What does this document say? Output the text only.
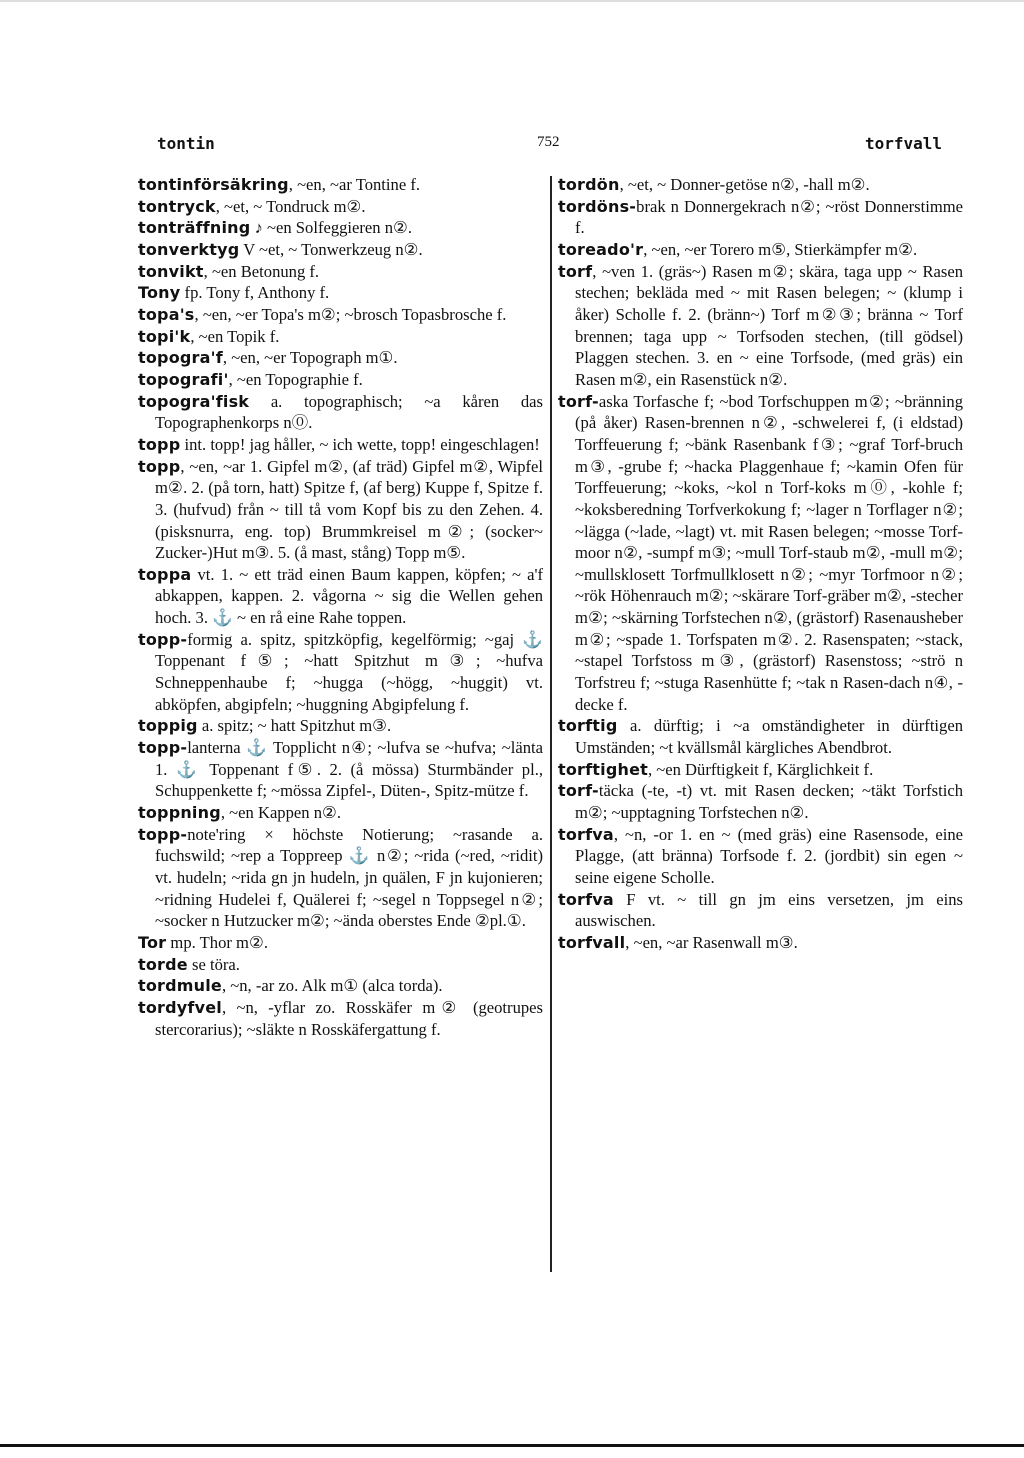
tontin	752	torfvall

tontinförsäkring, ~en, ~ar Tontine f.

tontryck, ~et, ~ Tondruck m②.

tonträffning ♪ ~en Solfeggieren n②.

tonverktyg V ~et, ~ Tonwerkzeug n②.

tonvikt, ~en Betonung f.

Tony fp. Tony f, Anthony f.

topa's, ~en, ~er Topa's m②; ~brosch Topasbrosche f.

topi'k, ~en Topik f.

topogra'f, ~en, ~er Topograph m①.

topografi', ~en Topographie f.

topogra'fisk a. topographisch; ~a kåren das Topographenkorps n⓪.

topp int. topp! jag håller, ~ ich wette, topp! eingeschlagen!

topp, ~en, ~ar 1. Gipfel m②, (af träd) Gipfel m②, Wipfel m②. 2. (på torn, hatt) Spitze f, (af berg) Kuppe f, Spitze f. 3. (hufvud) från ~ till tå vom Kopf bis zu den Zehen. 4. (pisksnurra, eng. top) Brummkreisel m②; (socker~ Zucker-)Hut m③. 5. (å mast, stång) Topp m⑤.

toppa vt. 1. ~ ett träd einen Baum kappen, köpfen; ~ a'f abkappen, kappen. 2. vågorna ~ sig die Wellen gehen hoch. 3. ⚓ ~ en rå eine Rahe toppen.

topp-formig a. spitz, spitzköpfig, kegelförmig; ~gaj ⚓ Toppenant f⑤; ~hatt Spitzhut m③; ~hufva Schneppenhaube f; ~hugga (~högg, ~huggit) vt. abköpfen, abgipfeln; ~huggning Abgipfelung f.

toppig a. spitz; ~ hatt Spitzhut m③.

topp-lanterna ⚓ Topplicht n④; ~lufva se ~hufva; ~länta 1. ⚓ Toppenant f⑤. 2. (å mössa) Sturmbänder pl., Schuppenkette f; ~mössa Zipfel-, Düten-, Spitz-mütze f.

toppning, ~en Kappen n②.

topp-note'ring × höchste Notierung; ~rasande a. fuchswild; ~rep a Toppreep ⚓ n②; ~rida (~red, ~ridit) vt. hudeln; ~rida gn jn hudeln, jn quälen, F jn kujonieren; ~ridning Hudelei f, Quälerei f; ~segel n Toppsegel n②; ~socker n Hutzucker m②; ~ända oberstes Ende ②pl.①.

Tor mp. Thor m②.

torde se töra.

tordmule, ~n, -ar zo. Alk m① (alca torda).

tordyfvel, ~n, -yflar zo. Rosskäfer m② (geotrupes stercorarius); ~släkte n Rosskäfergattung f.

tordön, ~et, ~ Donner-getöse n②, -hall m②.

tordöns-brak n Donnergekrach n②; ~röst Donnerstimme f.

toreado'r, ~en, ~er Torero m⑤, Stierkämpfer m②.

torf, ~ven 1. (gräs~) Rasen m②; skära, taga upp ~ Rasen stechen; bekläda med ~ mit Rasen belegen; ~ (klump i åker) Scholle f. 2. (bränn~) Torf m②③; bränna ~ Torf brennen; taga upp ~ Torfsoden stechen, (till gödsel) Plaggen stechen. 3. en ~ eine Torfsode, (med gräs) ein Rasen m②, ein Rasenstück n②.

torf-aska Torfasche f; ~bod Torfschuppen m②; ~bränning (på åker) Rasen-brennen n②, -schwelerei f, (i eldstad) Torffeuerung f; ~bänk Rasenbank f③; ~graf Torf-bruch m③, -grube f; ~hacka Plaggenhaue f; ~kamin Ofen für Torffeuerung; ~koks, ~kol n Torf-koks m⓪, -kohle f; ~koksberedning Torfverkokung f; ~lager n Torflager n②; ~lägga (~lade, ~lagt) vt. mit Rasen belegen; ~mosse Torf-moor n②, -sumpf m③; ~mull Torf-staub m②, -mull m②; ~mullsklosett Torfmullklosett n②; ~myr Torfmoor n②; ~rök Höhenrauch m②; ~skärare Torf-gräber m②, -stecher m②; ~skärning Torfstechen n②, (grästorf) Rasenausheber m②; ~spade 1. Torfspaten m②. 2. Rasenspaten; ~stack, ~stapel Torfstoss m③, (grästorf) Rasenstoss; ~strö n Torfstreu f; ~stuga Rasenhütte f; ~tak n Rasen-dach n④, -decke f.

torftig a. dürftig; i ~a omständigheter in dürftigen Umständen; ~t kvällsmål kärgliches Abendbrot.

torftighet, ~en Dürftigkeit f, Kärglichkeit f.

torf-täcka (-te, -t) vt. mit Rasen decken; ~täkt Torfstich m②; ~upptagning Torfstechen n②.

torfva, ~n, -or 1. en ~ (med gräs) eine Rasensode, eine Plagge, (att bränna) Torfsode f. 2. (jordbit) sin egen ~ seine eigene Scholle.

torfva F vt. ~ till gn jm eins versetzen, jm eins auswischen.

torfvall, ~en, ~ar Rasenwall m③.
